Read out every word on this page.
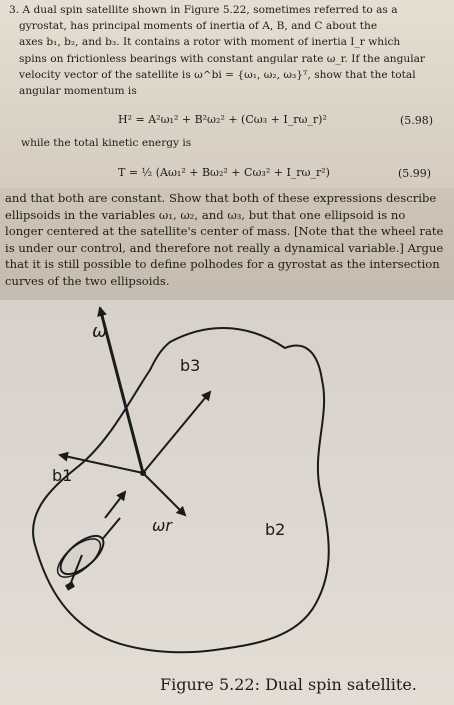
3. A dual spin satellite shown in Figure 5.22, sometimes referred to as a
gyrostat, has principal moments of inertia of A, B, and C about the
axes b₁, b₂, and b₃. It contains a rotor with moment of inertia I_r which
spins on frictionless bearings with constant angular rate ω_r. If the angular
velocity vector of the satellite is ω^bi = {ω₁, ω₂, ω₃}ᵀ, show that the total
angular momentum is
H² = A²ω₁² + B²ω₂² + (Cω₃ + I_rω_r)²	(5.98)
while the total kinetic energy is
T = ½ (Aω₁² + Bω₂² + Cω₃² + I_rω_r²)	(5.99)
and that both are constant. Show that both of these expressions describe
ellipsoids in the variables ω₁, ω₂, and ω₃, but that one ellipsoid is no
longer centered at the satellite's center of mass. [Note that the wheel rate
is under our control, and therefore not really a dynamical variable.] Argue
that it is still possible to define polhodes for a gyrostat as the intersection
curves of the two ellipsoids.
ω
b3
b1
b2
ωr
Figure 5.22: Dual spin satellite.
